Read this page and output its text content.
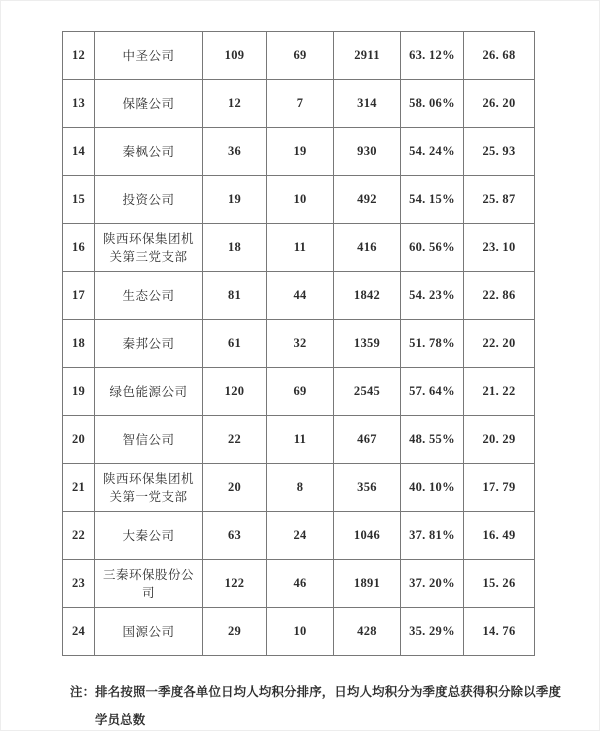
12	中圣公司	109	69	2911	63. 12%	26. 68
13	保隆公司	12	7	314	58. 06%	26. 20
14	秦枫公司	36	19	930	54. 24%	25. 93
15	投资公司	19	10	492	54. 15%	25. 87
16	陕西环保集团机关第三党支部	18	11	416	60. 56%	23. 10
17	生态公司	81	44	1842	54. 23%	22. 86
18	秦邦公司	61	32	1359	51. 78%	22. 20
19	绿色能源公司	120	69	2545	57. 64%	21. 22
20	智信公司	22	11	467	48. 55%	20. 29
21	陕西环保集团机关第一党支部	20	8	356	40. 10%	17. 79
22	大秦公司	63	24	1046	37. 81%	16. 49
23	三秦环保股份公司	122	46	1891	37. 20%	15. 26
24	国源公司	29	10	428	35. 29%	14. 76

注：排名按照一季度各单位日均人均积分排序，日均人均积分为季度总获得积分除以季度学员总数
